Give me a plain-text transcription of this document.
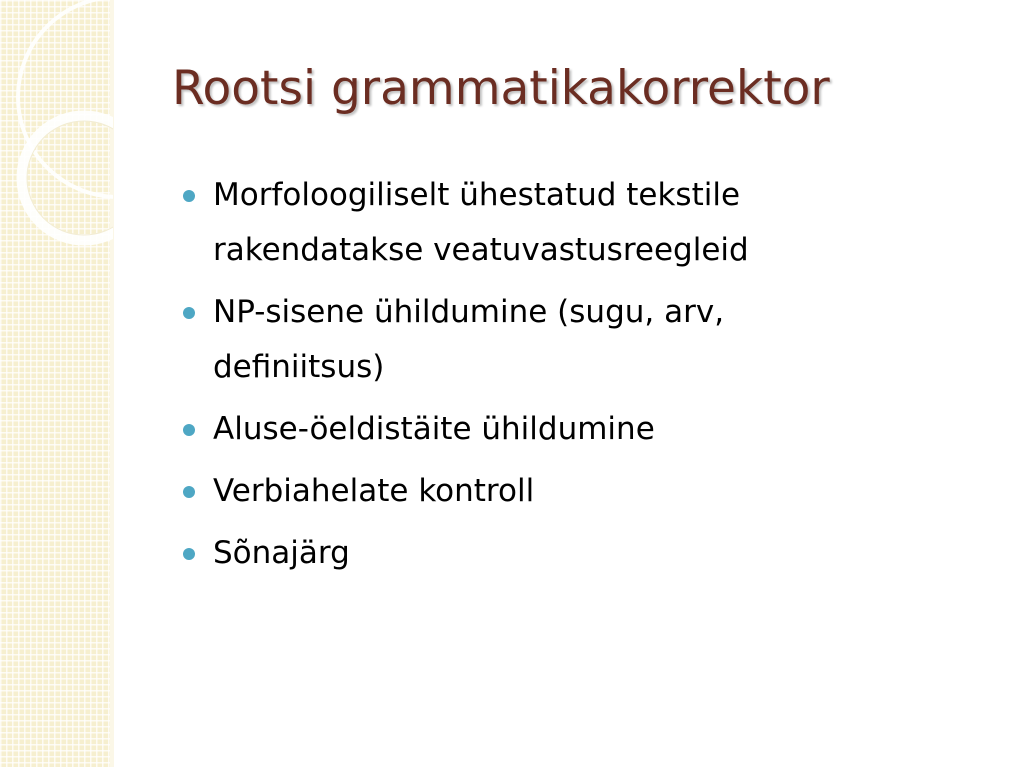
Rootsi grammatikakorrektor
Morfoloogiliselt ühestatud tekstile
rakendatakse veatuvastusreegleid
NP-sisene ühildumine (sugu, arv,
definiitsus)
Aluse-öeldistäite ühildumine
Verbiahelate kontroll
Sõnajärg
